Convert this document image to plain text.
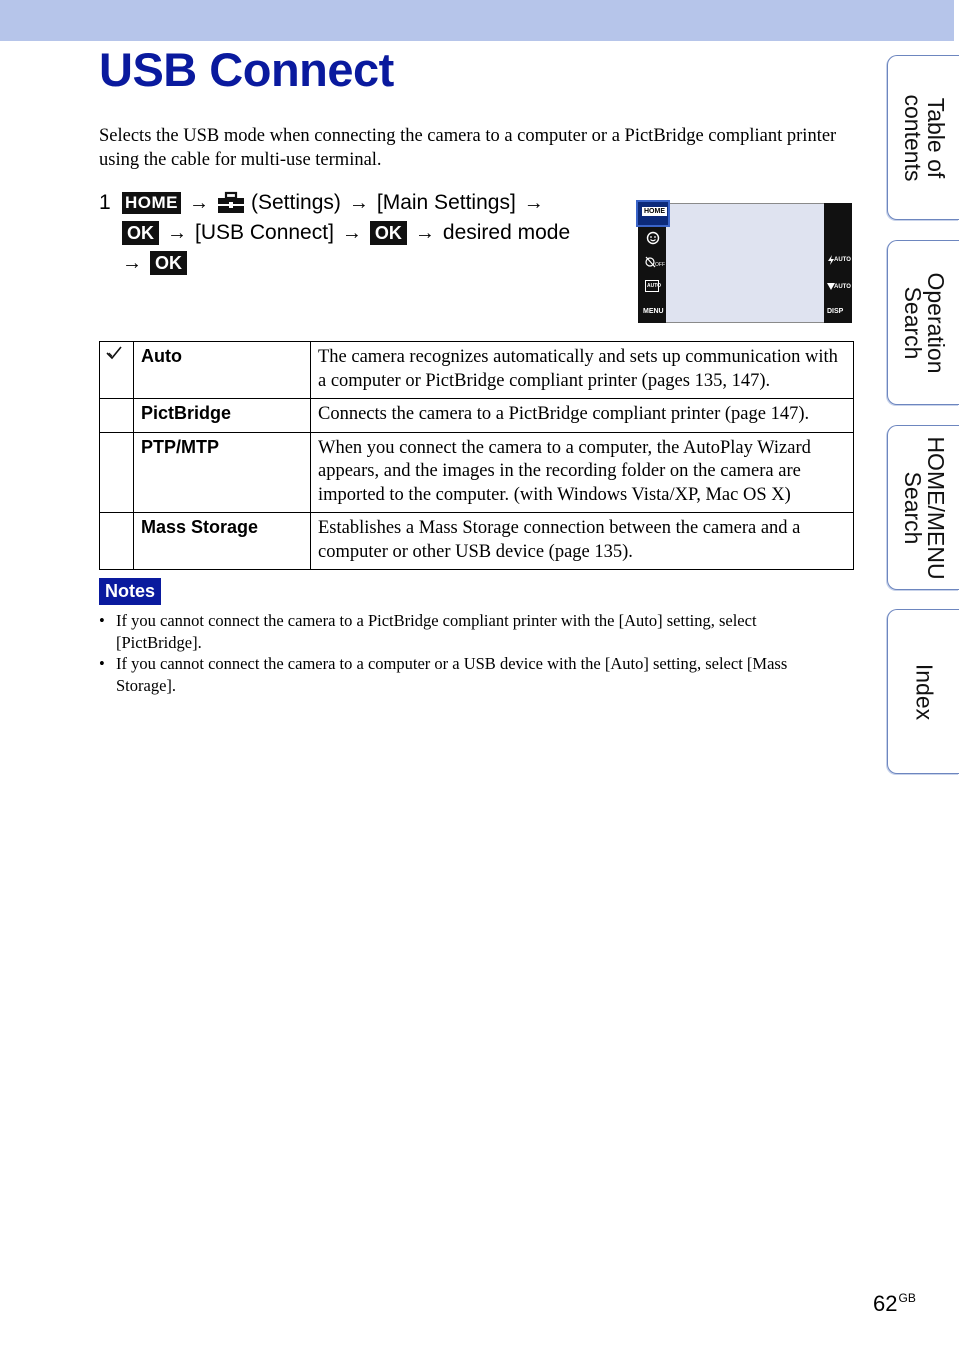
USB Connect

Selects the USB mode when connecting the camera to a computer or a PictBridge compliant printer using the cable for multi-use terminal.

1 HOME → (Settings) → [Main Settings] →
OK → [USB Connect] → OK → desired mode
→ OK
HOME
OFF
AUTO
MENU
AUTO
AUTO
DISP
	Auto	The camera recognizes automatically and sets up communication with a computer or PictBridge compliant printer (pages 135, 147).
	PictBridge	Connects the camera to a PictBridge compliant printer (page 147).
	PTP/MTP	When you connect the camera to a computer, the AutoPlay Wizard appears, and the images in the recording folder on the camera are imported to the computer. (with Windows Vista/XP, Mac OS X)
	Mass Storage	Establishes a Mass Storage connection between the camera and a computer or other USB device (page 135).
Notes
• If you cannot connect the camera to a PictBridge compliant printer with the [Auto] setting, select [PictBridge].
• If you cannot connect the camera to a computer or a USB device with the [Auto] setting, select [Mass Storage].
Table of contents
Operation Search
HOME/MENU Search
Index
$62^{GB}$
